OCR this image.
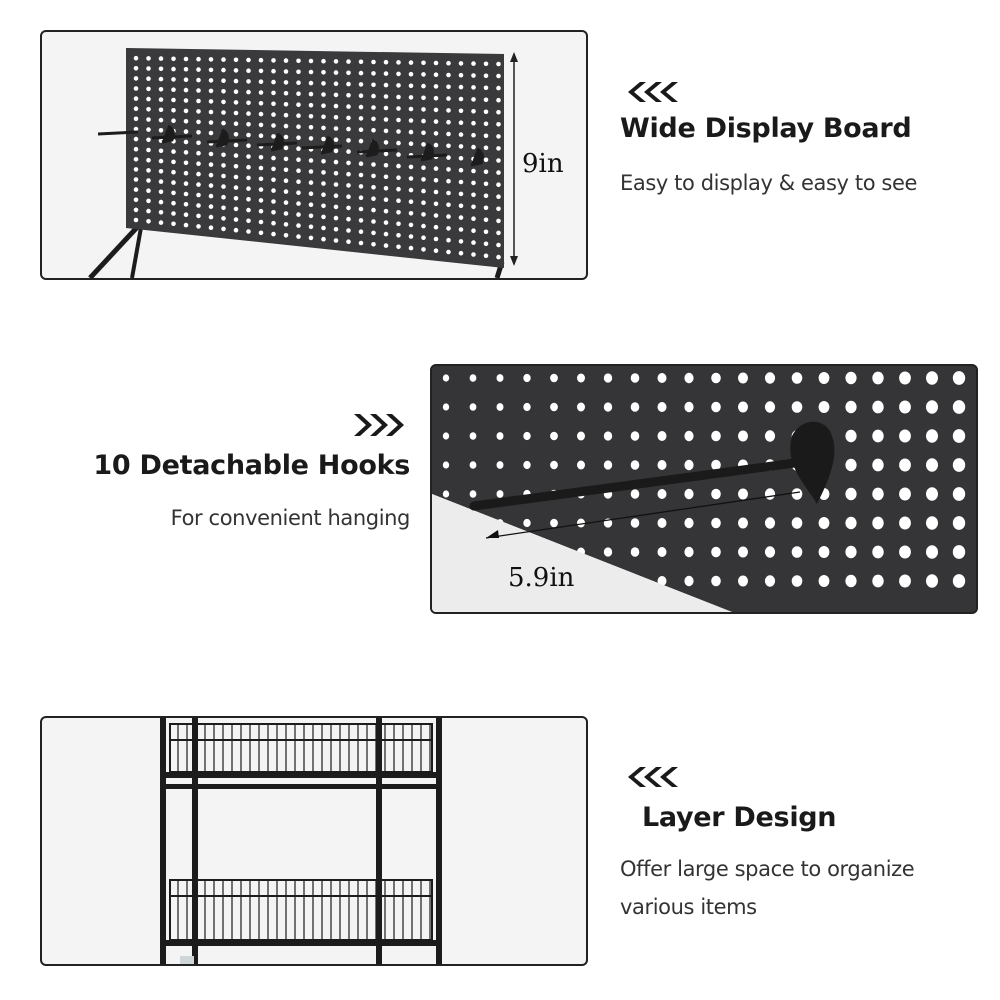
9in
Wide Display Board
Easy to display & easy to see
10 Detachable Hooks
For convenient hanging
5.9in
Layer Design
Offer large space to organize
various items
